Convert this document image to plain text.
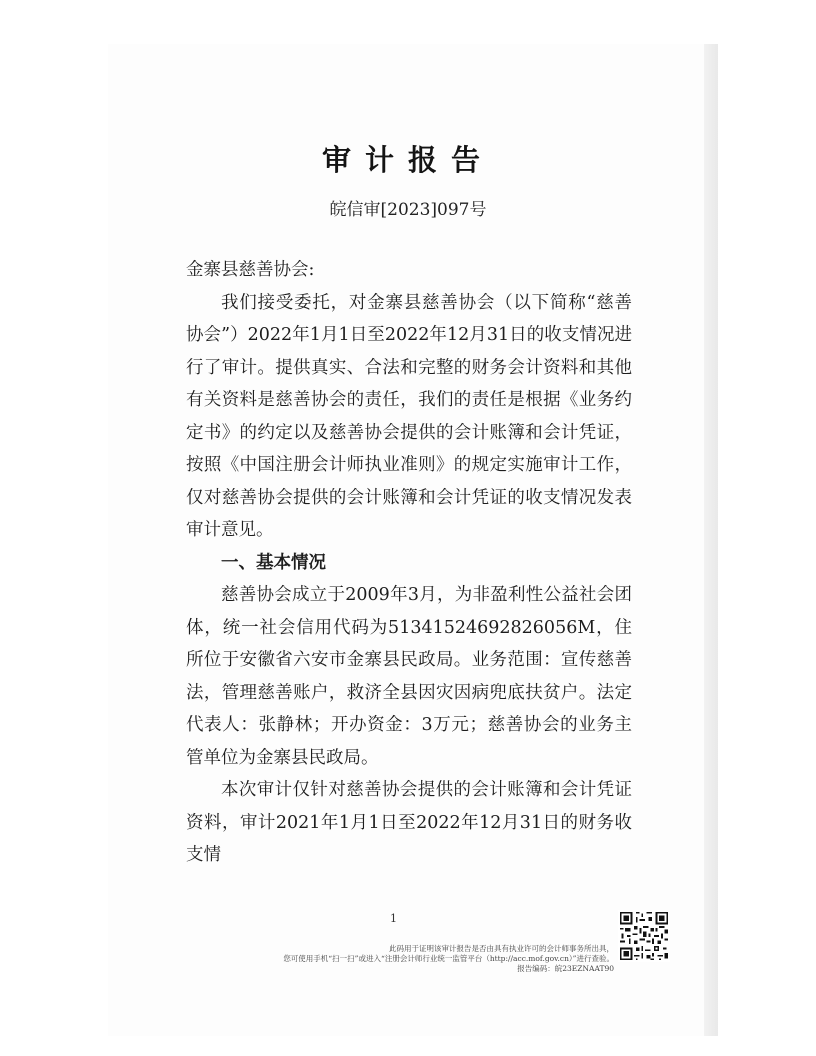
审计报告
皖信审[2023]097号

金寨县慈善协会:

我们接受委托，对金寨县慈善协会（以下简称“慈善协会”）2022年1月1日至2022年12月31日的收支情况进行了审计。提供真实、合法和完整的财务会计资料和其他有关资料是慈善协会的责任，我们的责任是根据《业务约定书》的约定以及慈善协会提供的会计账簿和会计凭证，按照《中国注册会计师执业准则》的规定实施审计工作，仅对慈善协会提供的会计账簿和会计凭证的收支情况发表审计意见。

一、基本情况

慈善协会成立于2009年3月，为非盈利性公益社会团体，统一社会信用代码为51341524692826056M，住所位于安徽省六安市金寨县民政局。业务范围：宣传慈善法，管理慈善账户，救济全县因灾因病兜底扶贫户。法定代表人：张静林；开办资金：3万元；慈善协会的业务主管单位为金寨县民政局。

本次审计仅针对慈善协会提供的会计账簿和会计凭证资料，审计2021年1月1日至2022年12月31日的财务收支情

1
此码用于证明该审计报告是否由具有执业许可的会计师事务所出具，
您可使用手机“扫一扫”或进入“注册会计师行业统一监管平台（http://acc.mof.gov.cn）”进行查验。
报告编码：皖23EZNAAT90
